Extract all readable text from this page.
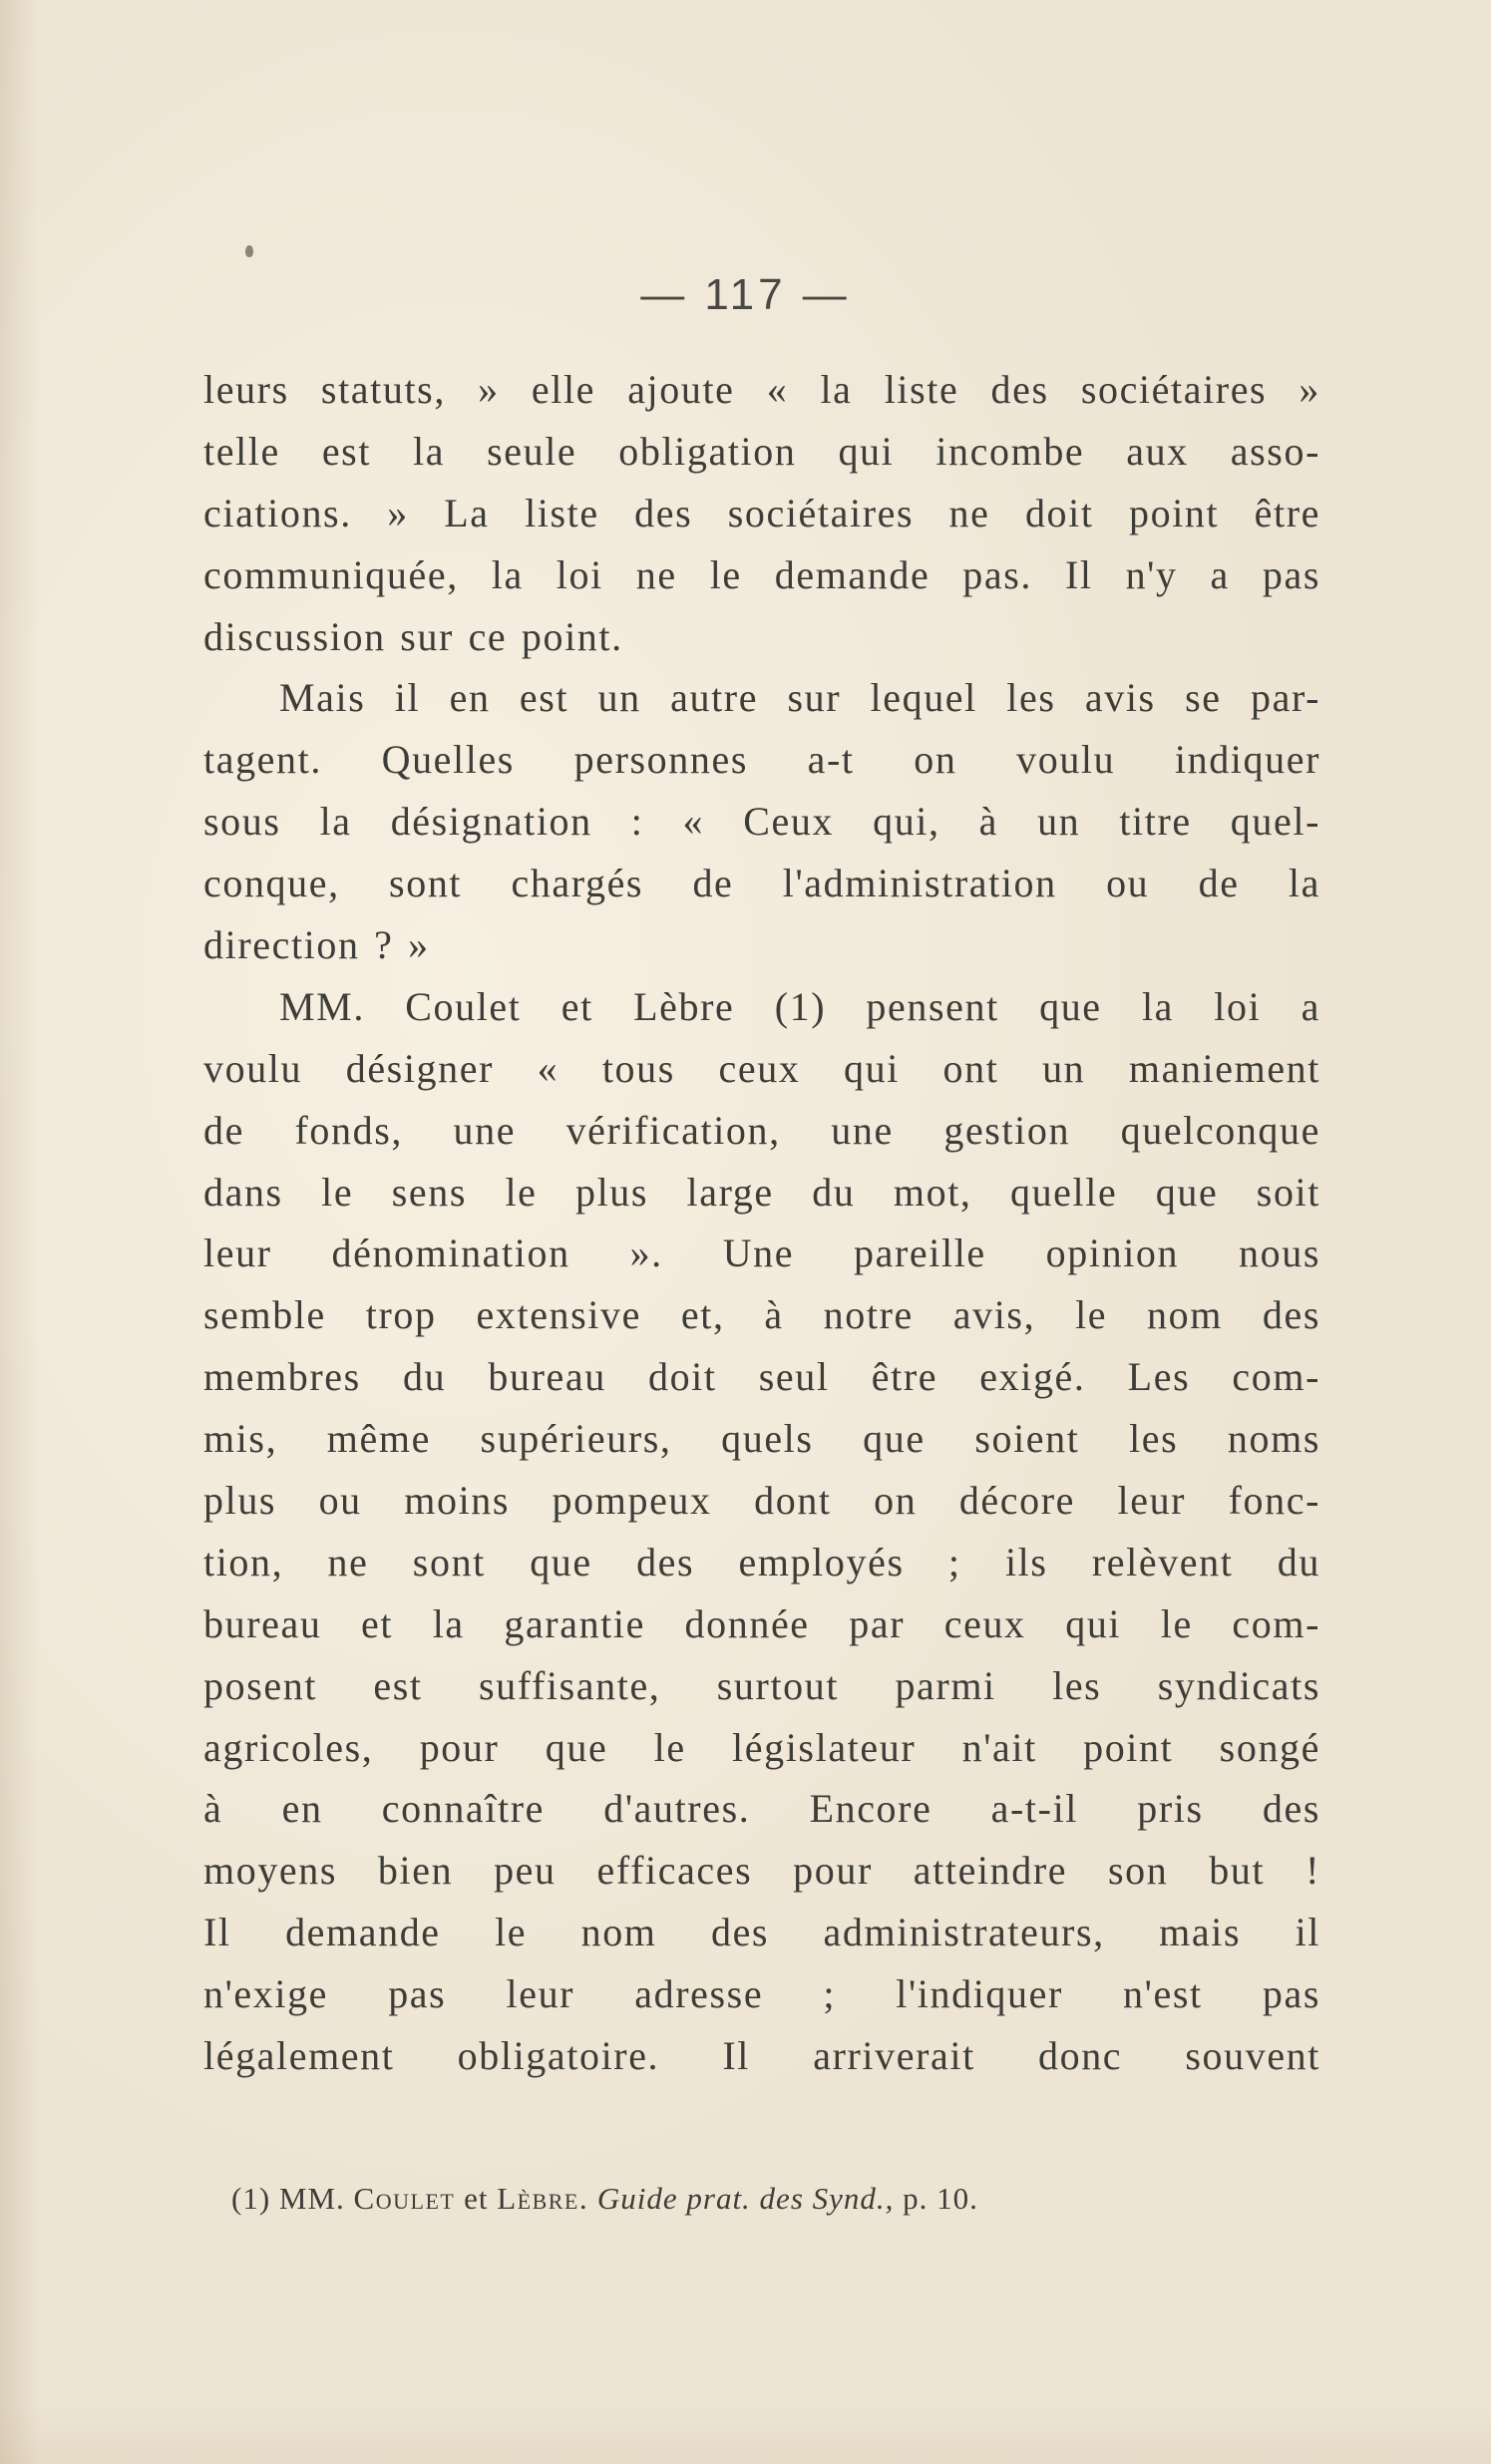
— 117 —

leurs statuts, » elle ajoute « la liste des sociétaires »
telle est la seule obligation qui incombe aux asso-
ciations. » La liste des sociétaires ne doit point être
communiquée, la loi ne le demande pas. Il n'y a pas
discussion sur ce point.
Mais il en est un autre sur lequel les avis se par-
tagent. Quelles personnes a-t on voulu indiquer
sous la désignation : « Ceux qui, à un titre quel-
conque, sont chargés de l'administration ou de la
direction ? »
MM. Coulet et Lèbre (1) pensent que la loi a
voulu désigner « tous ceux qui ont un maniement
de fonds, une vérification, une gestion quelconque
dans le sens le plus large du mot, quelle que soit
leur dénomination ». Une pareille opinion nous
semble trop extensive et, à notre avis, le nom des
membres du bureau doit seul être exigé. Les com-
mis, même supérieurs, quels que soient les noms
plus ou moins pompeux dont on décore leur fonc-
tion, ne sont que des employés ; ils relèvent du
bureau et la garantie donnée par ceux qui le com-
posent est suffisante, surtout parmi les syndicats
agricoles, pour que le législateur n'ait point songé
à en connaître d'autres. Encore a-t-il pris des
moyens bien peu efficaces pour atteindre son but !
Il demande le nom des administrateurs, mais il
n'exige pas leur adresse ; l'indiquer n'est pas
légalement obligatoire. Il arriverait donc souvent

(1) MM. Coulet et Lèbre. Guide prat. des Synd., p. 10.
